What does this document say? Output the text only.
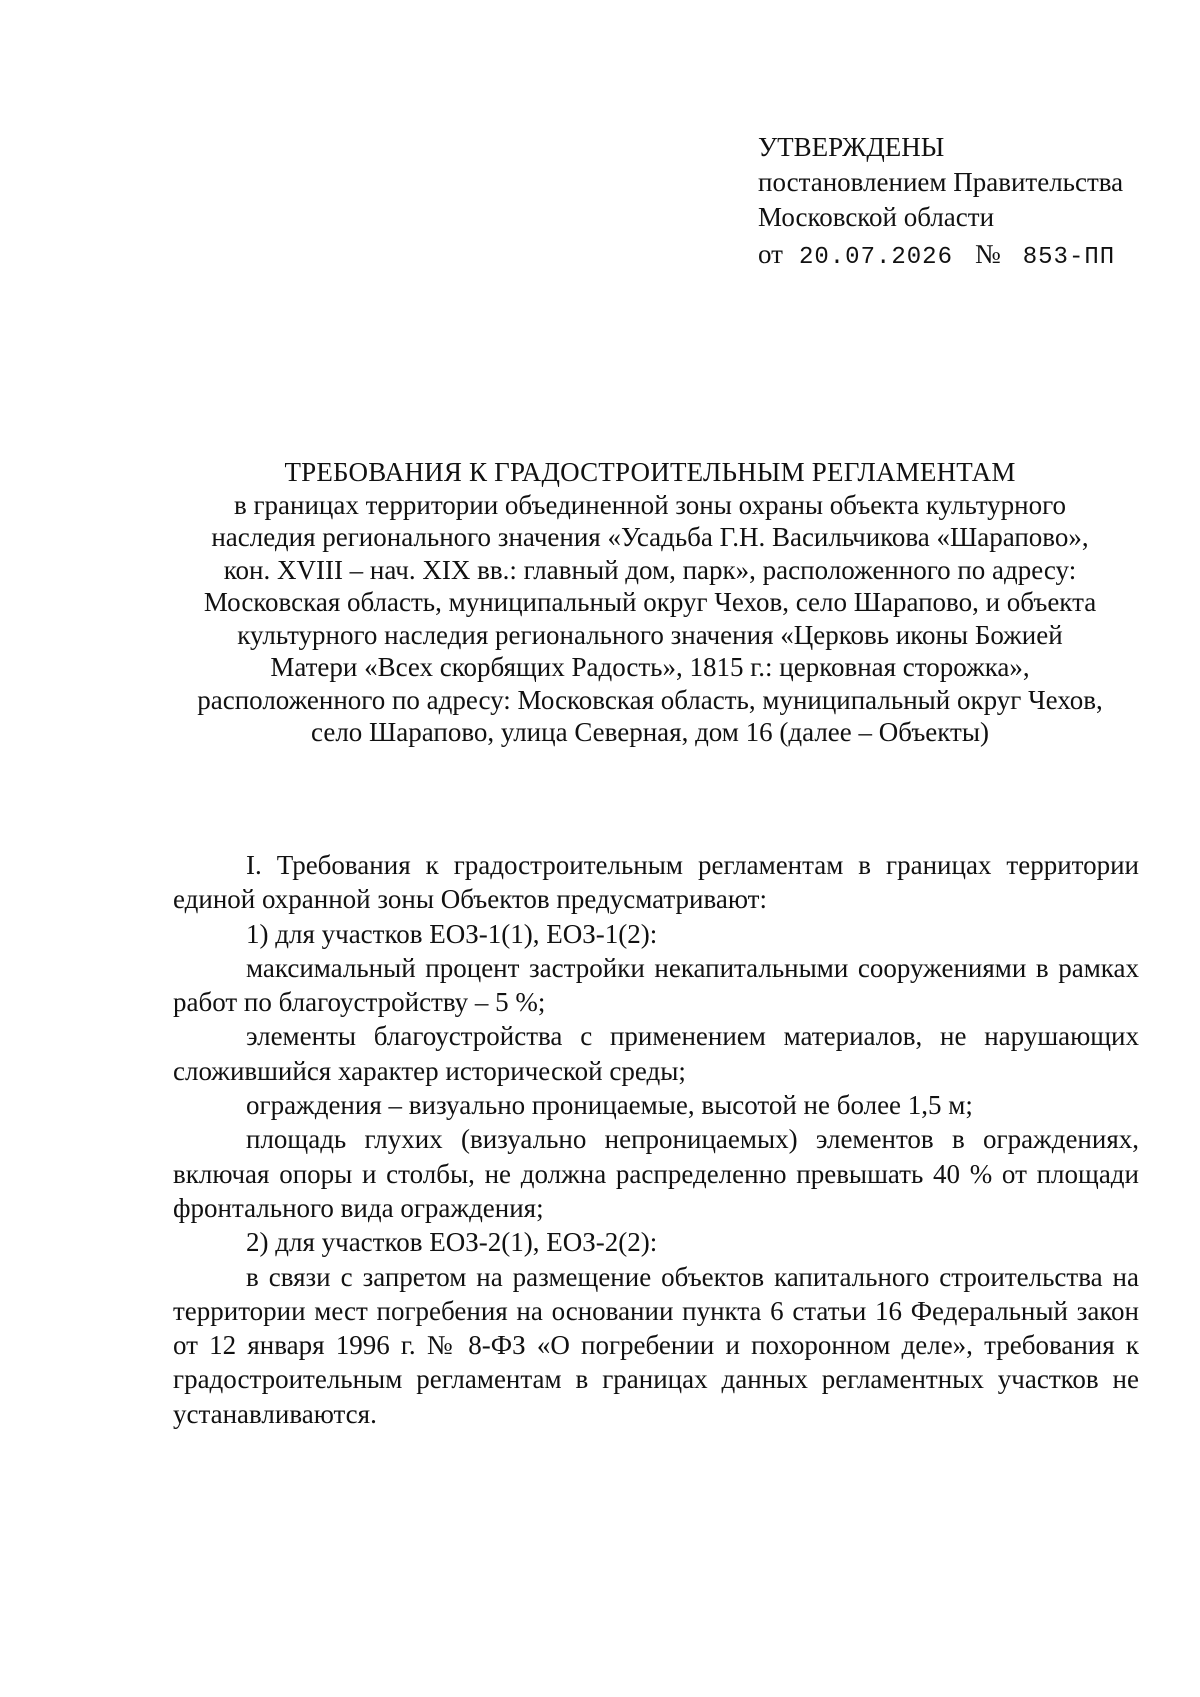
УТВЕРЖДЕНЫ
постановлением Правительства
Московской области
от 20.07.2026 № 853-ПП
ТРЕБОВАНИЯ К ГРАДОСТРОИТЕЛЬНЫМ РЕГЛАМЕНТАМ
в границах территории объединенной зоны охраны объекта культурного
наследия регионального значения «Усадьба Г.Н. Васильчикова «Шарапово»,
кон. XVIII – нач. XIX вв.: главный дом, парк», расположенного по адресу:
Московская область, муниципальный округ Чехов, село Шарапово, и объекта
культурного наследия регионального значения «Церковь иконы Божией
Матери «Всех скорбящих Радость», 1815 г.: церковная сторожка»,
расположенного по адресу: Московская область, муниципальный округ Чехов,
село Шарапово, улица Северная, дом 16 (далее – Объекты)

I. Требования к градостроительным регламентам в границах территории единой охранной зоны Объектов предусматривают:

1) для участков ЕОЗ-1(1), ЕОЗ-1(2):

максимальный процент застройки некапитальными сооружениями в рамках работ по благоустройству – 5 %;

элементы благоустройства с применением материалов, не нарушающих сложившийся характер исторической среды;

ограждения – визуально проницаемые, высотой не более 1,5 м;

площадь глухих (визуально непроницаемых) элементов в ограждениях, включая опоры и столбы, не должна распределенно превышать 40 % от площади фронтального вида ограждения;

2) для участков ЕОЗ-2(1), ЕОЗ-2(2):

в связи с запретом на размещение объектов капитального строительства на территории мест погребения на основании пункта 6 статьи 16 Федеральный закон от 12 января 1996 г. № 8-ФЗ «О погребении и похоронном деле», требования к градостроительным регламентам в границах данных регламентных участков не устанавливаются.
